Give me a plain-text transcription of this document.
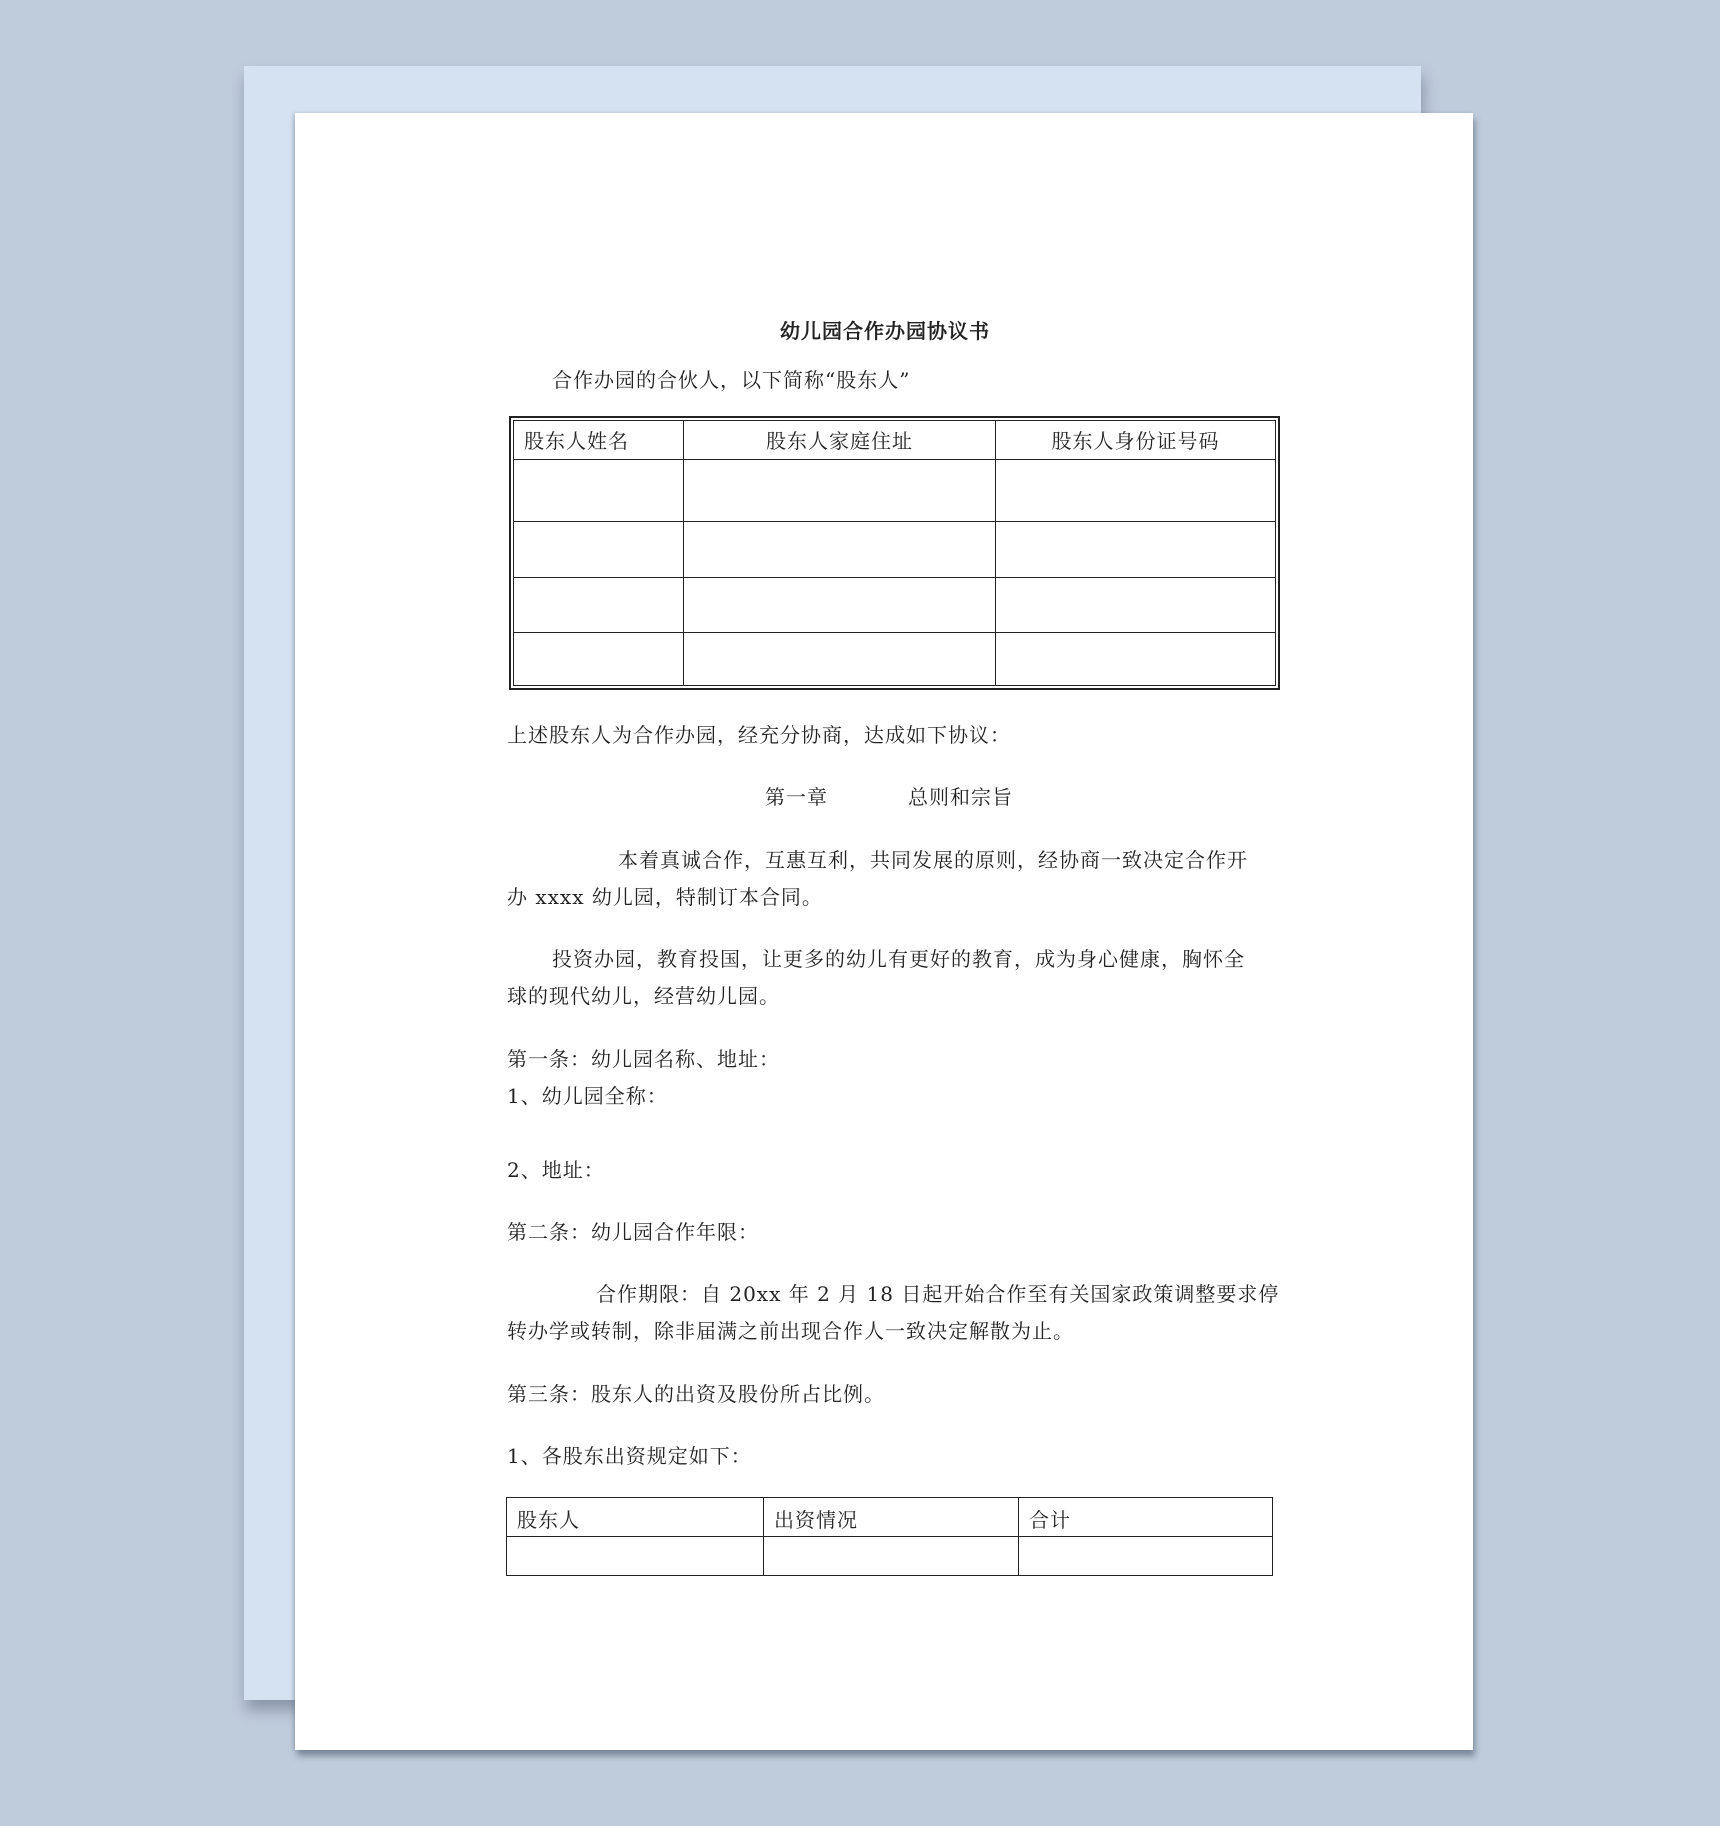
幼儿园合作办园协议书
合作办园的合伙人，以下简称“股东人”
股东人姓名	股东人家庭住址	股东人身份证号码

上述股东人为合作办园，经充分协商，达成如下协议：
第一章	总则和宗旨
本着真诚合作，互惠互利，共同发展的原则，经协商一致决定合作开
办 xxxx 幼儿园，特制订本合同。
投资办园，教育投国，让更多的幼儿有更好的教育，成为身心健康，胸怀全
球的现代幼儿，经营幼儿园。
第一条：幼儿园名称、地址：
1、幼儿园全称：
2、地址：
第二条：幼儿园合作年限：
合作期限：自 20xx 年 2 月 18 日起开始合作至有关国家政策调整要求停
转办学或转制，除非届满之前出现合作人一致决定解散为止。
第三条：股东人的出资及股份所占比例。
1、各股东出资规定如下：
股东人	出资情况	合计
